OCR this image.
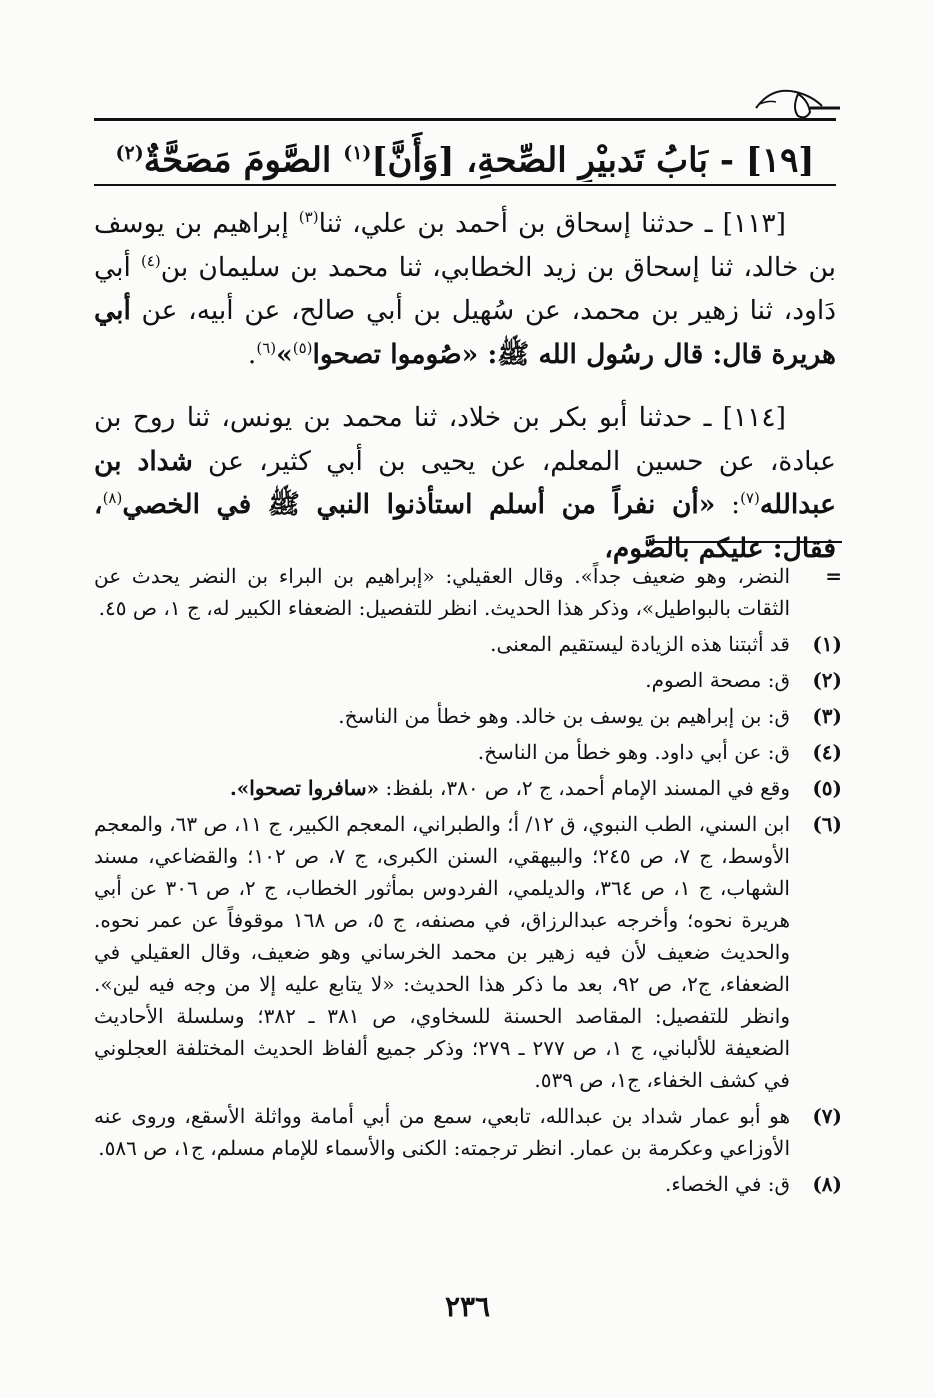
[١٩] - بَابُ تَدبيْرِ الصِّحةِ، [وَأَنَّ]$^{(١)}$ الصَّومَ مَصَحَّةٌ$^{(٢)}$

[١١٣] ـ حدثنا إسحاق بن أحمد بن علي، ثنا$^{(٣)}$ إبراهيم بن يوسف بن خالد، ثنا إسحاق بن زيد الخطابي، ثنا محمد بن سليمان بن$^{(٤)}$ أبي دَاود، ثنا زهير بن محمد، عن سُهيل بن أبي صالح، عن أبيه، عن أبي هريرة قال: قال رسُول الله ﷺ: «صُوموا تصحوا$^{(٥)}$»$^{(٦)}$.

[١١٤] ـ حدثنا أبو بكر بن خلاد، ثنا محمد بن يونس، ثنا روح بن عبادة، عن حسين المعلم، عن يحيى بن أبي كثير، عن شداد بن عبدالله$^{(٧)}$: «أن نفراً من أسلم استأذنوا النبي ﷺ في الخصي$^{(٨)}$، فقال: عليكم بالصَّوم،

=
النضر، وهو ضعيف جداً». وقال العقيلي: «إبراهيم بن البراء بن النضر يحدث عن الثقات بالبواطيل»، وذكر هذا الحديث. انظر للتفصيل: الضعفاء الكبير له، ج ١، ص ٤٥.
(١)
قد أثبتنا هذه الزيادة ليستقيم المعنى.
(٢)
ق: مصحة الصوم.
(٣)
ق: بن إبراهيم بن يوسف بن خالد. وهو خطأ من الناسخ.
(٤)
ق: عن أبي داود. وهو خطأ من الناسخ.
(٥)
وقع في المسند الإمام أحمد، ج ٢، ص ٣٨٠، بلفظ: «سافروا تصحوا».
(٦)
ابن السني، الطب النبوي، ق ١٢/ أ؛ والطبراني، المعجم الكبير، ج ١١، ص ٦٣، والمعجم الأوسط، ج ٧، ص ٢٤٥؛ والبيهقي، السنن الكبرى، ج ٧، ص ١٠٢؛ والقضاعي، مسند الشهاب، ج ١، ص ٣٦٤، والديلمي، الفردوس بمأثور الخطاب، ج ٢، ص ٣٠٦ عن أبي هريرة نحوه؛ وأخرجه عبدالرزاق، في مصنفه، ج ٥، ص ١٦٨ موقوفاً عن عمر نحوه. والحديث ضعيف لأن فيه زهير بن محمد الخرساني وهو ضعيف، وقال العقيلي في الضعفاء، ج٢، ص ٩٢، بعد ما ذكر هذا الحديث: «لا يتابع عليه إلا من وجه فيه لين». وانظر للتفصيل: المقاصد الحسنة للسخاوي، ص ٣٨١ ـ ٣٨٢؛ وسلسلة الأحاديث الضعيفة للألباني، ج ١، ص ٢٧٧ ـ ٢٧٩؛ وذكر جميع ألفاظ الحديث المختلفة العجلوني في كشف الخفاء، ج١، ص ٥٣٩.
(٧)
هو أبو عمار شداد بن عبدالله، تابعي، سمع من أبي أمامة وواثلة الأسقع، وروى عنه الأوزاعي وعكرمة بن عمار. انظر ترجمته: الكنى والأسماء للإمام مسلم، ج١، ص ٥٨٦.
(٨)
ق: في الخصاء.
٢٣٦
